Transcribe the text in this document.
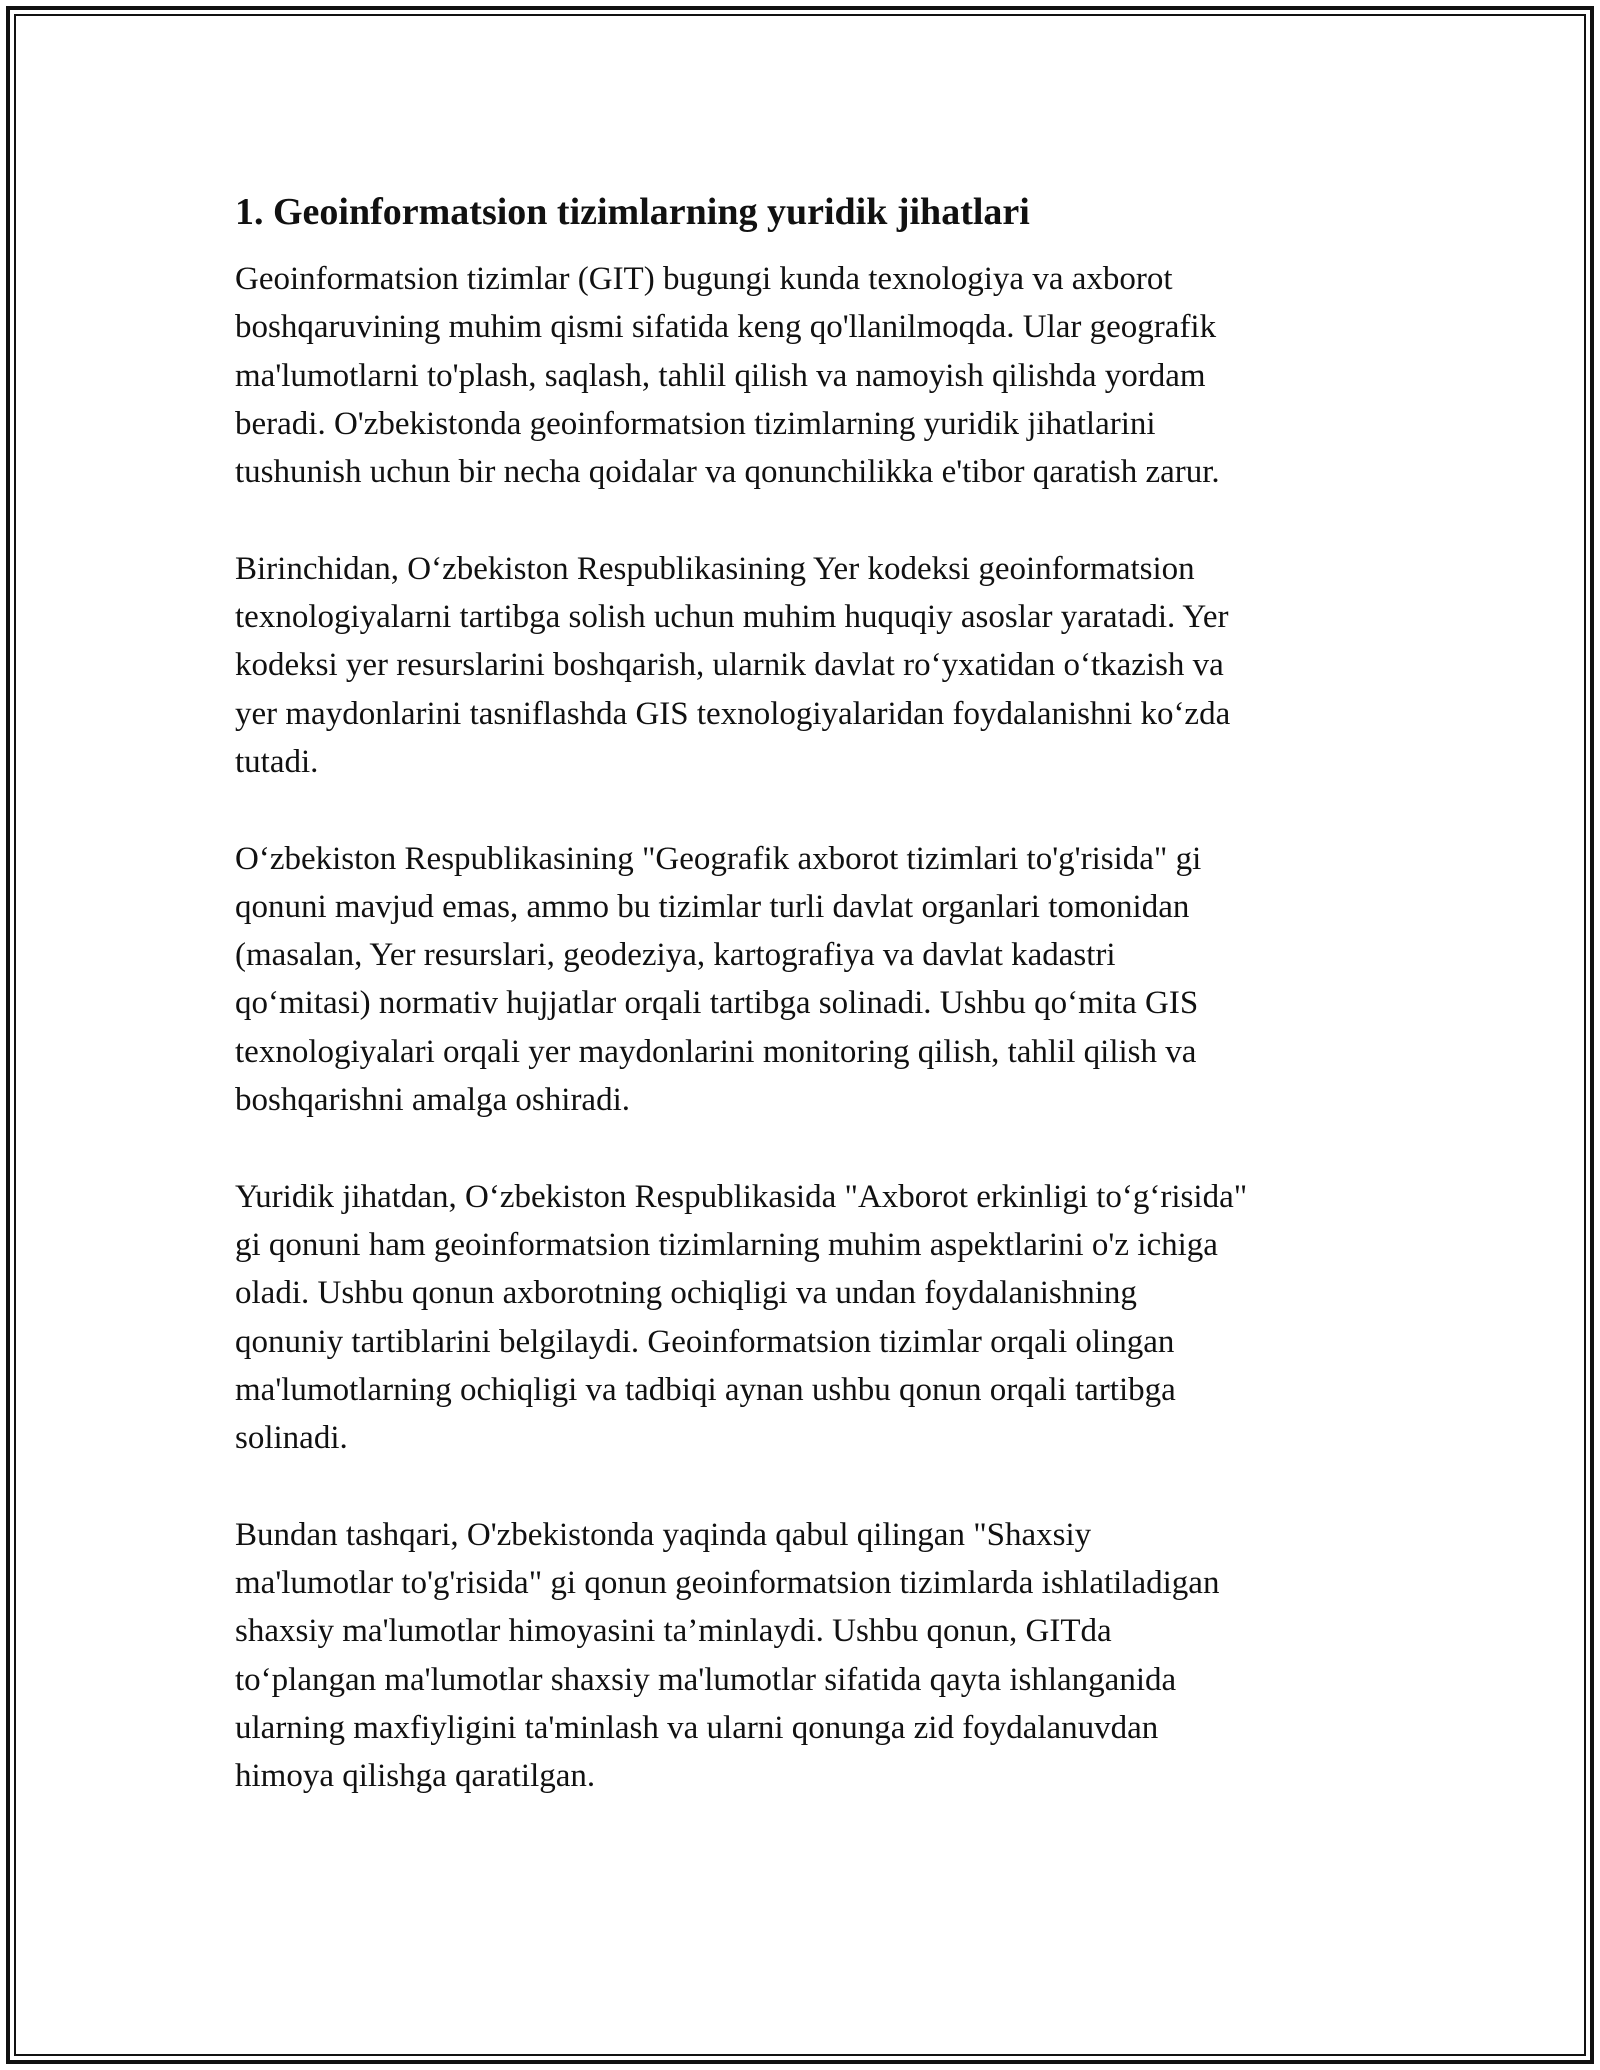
1. Geoinformatsion tizimlarning yuridik jihatlari

Geoinformatsion tizimlar (GIT) bugungi kunda texnologiya va axborot
boshqaruvining muhim qismi sifatida keng qo'llanilmoqda. Ular geografik
ma'lumotlarni to'plash, saqlash, tahlil qilish va namoyish qilishda yordam
beradi. O'zbekistonda geoinformatsion tizimlarning yuridik jihatlarini
tushunish uchun bir necha qoidalar va qonunchilikka e'tibor qaratish zarur.

Birinchidan, O‘zbekiston Respublikasining Yer kodeksi geoinformatsion
texnologiyalarni tartibga solish uchun muhim huquqiy asoslar yaratadi. Yer
kodeksi yer resurslarini boshqarish, ularnik davlat ro‘yxatidan o‘tkazish va
yer maydonlarini tasniflashda GIS texnologiyalaridan foydalanishni ko‘zda
tutadi.

O‘zbekiston Respublikasining "Geografik axborot tizimlari to'g'risida" gi
qonuni mavjud emas, ammo bu tizimlar turli davlat organlari tomonidan
(masalan, Yer resurslari, geodeziya, kartografiya va davlat kadastri
qo‘mitasi) normativ hujjatlar orqali tartibga solinadi. Ushbu qo‘mita GIS
texnologiyalari orqali yer maydonlarini monitoring qilish, tahlil qilish va
boshqarishni amalga oshiradi.

Yuridik jihatdan, O‘zbekiston Respublikasida "Axborot erkinligi to‘g‘risida"
gi qonuni ham geoinformatsion tizimlarning muhim aspektlarini o'z ichiga
oladi. Ushbu qonun axborotning ochiqligi va undan foydalanishning
qonuniy tartiblarini belgilaydi. Geoinformatsion tizimlar orqali olingan
ma'lumotlarning ochiqligi va tadbiqi aynan ushbu qonun orqali tartibga
solinadi.

Bundan tashqari, O'zbekistonda yaqinda qabul qilingan "Shaxsiy
ma'lumotlar to'g'risida" gi qonun geoinformatsion tizimlarda ishlatiladigan
shaxsiy ma'lumotlar himoyasini ta’minlaydi. Ushbu qonun, GITda
to‘plangan ma'lumotlar shaxsiy ma'lumotlar sifatida qayta ishlanganida
ularning maxfiyligini ta'minlash va ularni qonunga zid foydalanuvdan
himoya qilishga qaratilgan.
